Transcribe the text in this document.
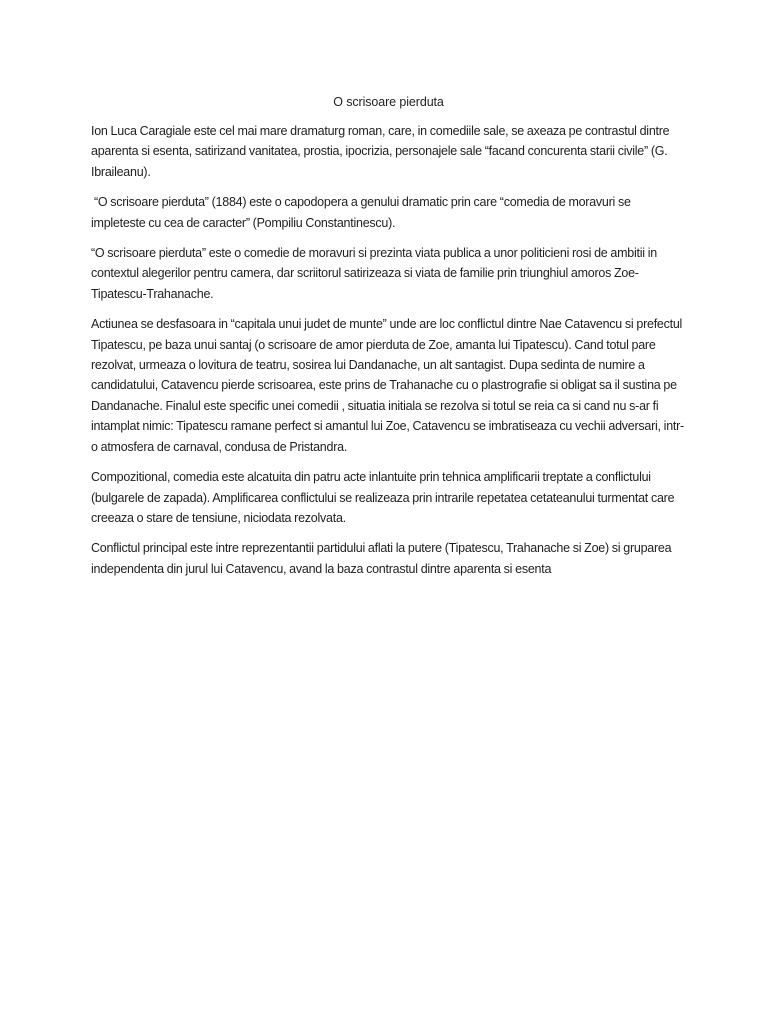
O scrisoare pierduta

Ion Luca Caragiale este cel mai mare dramaturg roman, care, in comediile sale, se axeaza pe contrastul dintre aparenta si esenta, satirizand vanitatea, prostia, ipocrizia, personajele sale “facand concurenta starii civile” (G. Ibraileanu).

“O scrisoare pierduta” (1884) este o capodopera a genului dramatic prin care “comedia de moravuri se impleteste cu cea de caracter” (Pompiliu Constantinescu).

“O scrisoare pierduta” este o comedie de moravuri si prezinta viata publica a unor politicieni rosi de ambitii in contextul alegerilor pentru camera, dar scriitorul satirizeaza si viata de familie prin triunghiul amoros Zoe-Tipatescu-Trahanache.

Actiunea se desfasoara in “capitala unui judet de munte” unde are loc conflictul dintre Nae Catavencu si prefectul Tipatescu, pe baza unui santaj (o scrisoare de amor pierduta de Zoe, amanta lui Tipatescu). Cand totul pare rezolvat, urmeaza o lovitura de teatru, sosirea lui Dandanache, un alt santagist. Dupa sedinta de numire a candidatului, Catavencu pierde scrisoarea, este prins de Trahanache cu o plastrografie si obligat sa il sustina pe Dandanache. Finalul este specific unei comedii , situatia initiala se rezolva si totul se reia ca si cand nu s-ar fi intamplat nimic: Tipatescu ramane perfect si amantul lui Zoe, Catavencu se imbratiseaza cu vechii adversari, intr-o atmosfera de carnaval, condusa de Pristandra.

Compozitional, comedia este alcatuita din patru acte inlantuite prin tehnica amplificarii treptate a conflictului (bulgarele de zapada). Amplificarea conflictului se realizeaza prin intrarile repetatea cetateanului turmentat care creeaza o stare de tensiune, niciodata rezolvata.

Conflictul principal este intre reprezentantii partidului aflati la putere (Tipatescu, Trahanache si Zoe) si gruparea independenta din jurul lui Catavencu, avand la baza contrastul dintre aparenta si esenta
